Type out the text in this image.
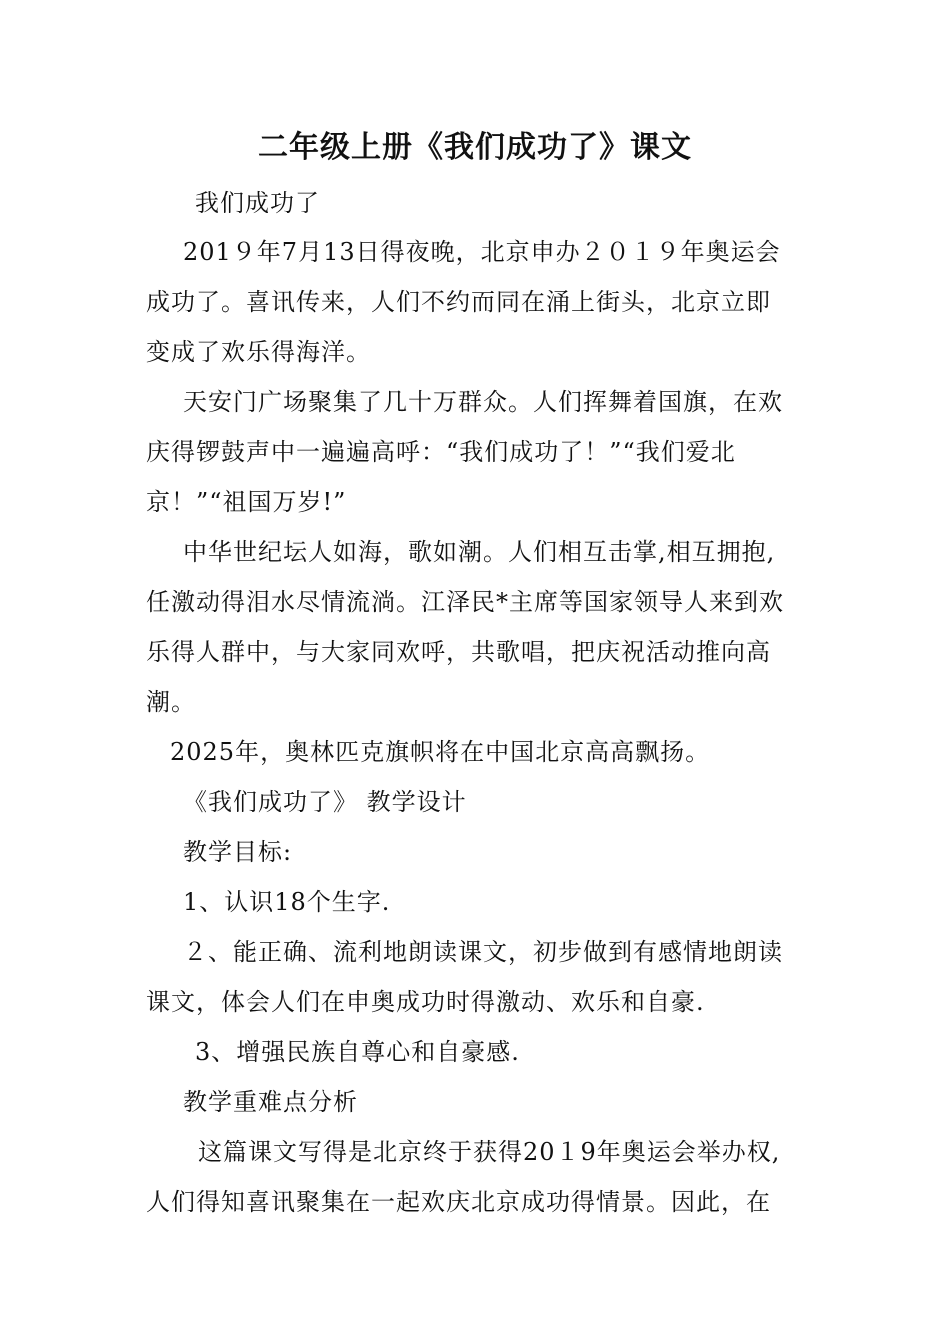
二年级上册《我们成功了》课文
我们成功了
201９年7月13日得夜晚，北京申办２０１９年奥运会
成功了。喜讯传来，人们不约而同在涌上街头，北京立即
变成了欢乐得海洋。
天安门广场聚集了几十万群众。人们挥舞着国旗，在欢
庆得锣鼓声中一遍遍高呼：“我们成功了！”“我们爱北
京！”“祖国万岁!”
中华世纪坛人如海，歌如潮。人们相互击掌,相互拥抱,
任激动得泪水尽情流淌。江泽民*主席等国家领导人来到欢
乐得人群中，与大家同欢呼，共歌唱，把庆祝活动推向高
潮。
2025年，奥林匹克旗帜将在中国北京高高飘扬。
《我们成功了》 教学设计
教学目标:
1、认识18个生字.
２、能正确、流利地朗读课文，初步做到有感情地朗读
课文，体会人们在申奥成功时得激动、欢乐和自豪.
3、增强民族自尊心和自豪感.
教学重难点分析
这篇课文写得是北京终于获得20１9年奥运会举办权,
人们得知喜讯聚集在一起欢庆北京成功得情景。因此，在
